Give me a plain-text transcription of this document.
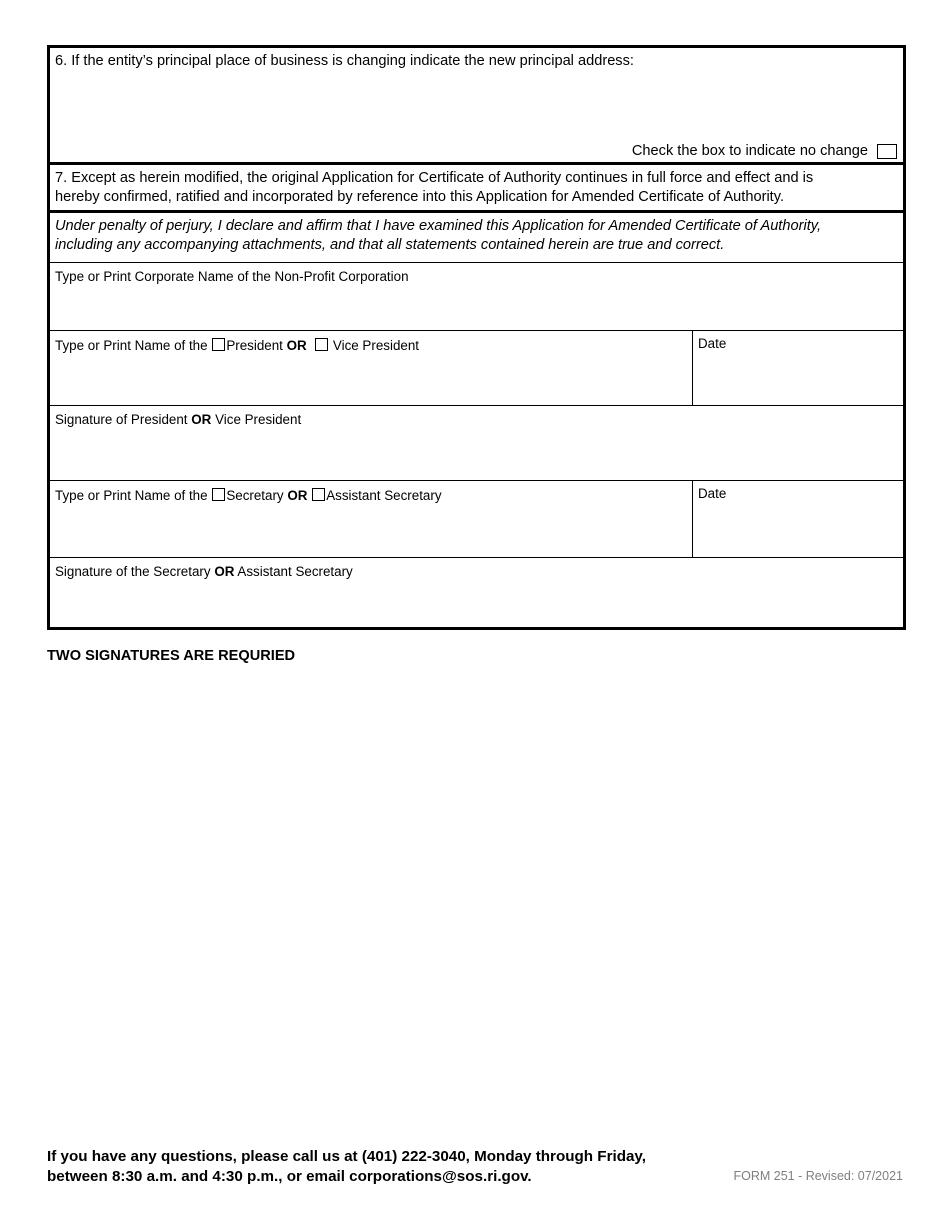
6. If the entity’s principal place of business is changing indicate the new principal address:
Check the box to indicate no change
7. Except as herein modified, the original Application for Certificate of Authority continues in full force and effect and is
hereby confirmed, ratified and incorporated by reference into this Application for Amended Certificate of Authority.
Under penalty of perjury, I declare and affirm that I have examined this Application for Amended Certificate of Authority,
including any accompanying attachments, and that all statements contained herein are true and correct.
Type or Print Corporate Name of the Non-Profit Corporation
Type or Print Name of the President OR Vice President	Date
Signature of President OR Vice President
Type or Print Name of the Secretary OR Assistant Secretary	Date
Signature of the Secretary OR Assistant Secretary
TWO SIGNATURES ARE REQURIED
If you have any questions, please call us at (401) 222-3040, Monday through Friday,
between 8:30 a.m. and 4:30 p.m., or email corporations@sos.ri.gov.	FORM 251 - Revised: 07/2021
